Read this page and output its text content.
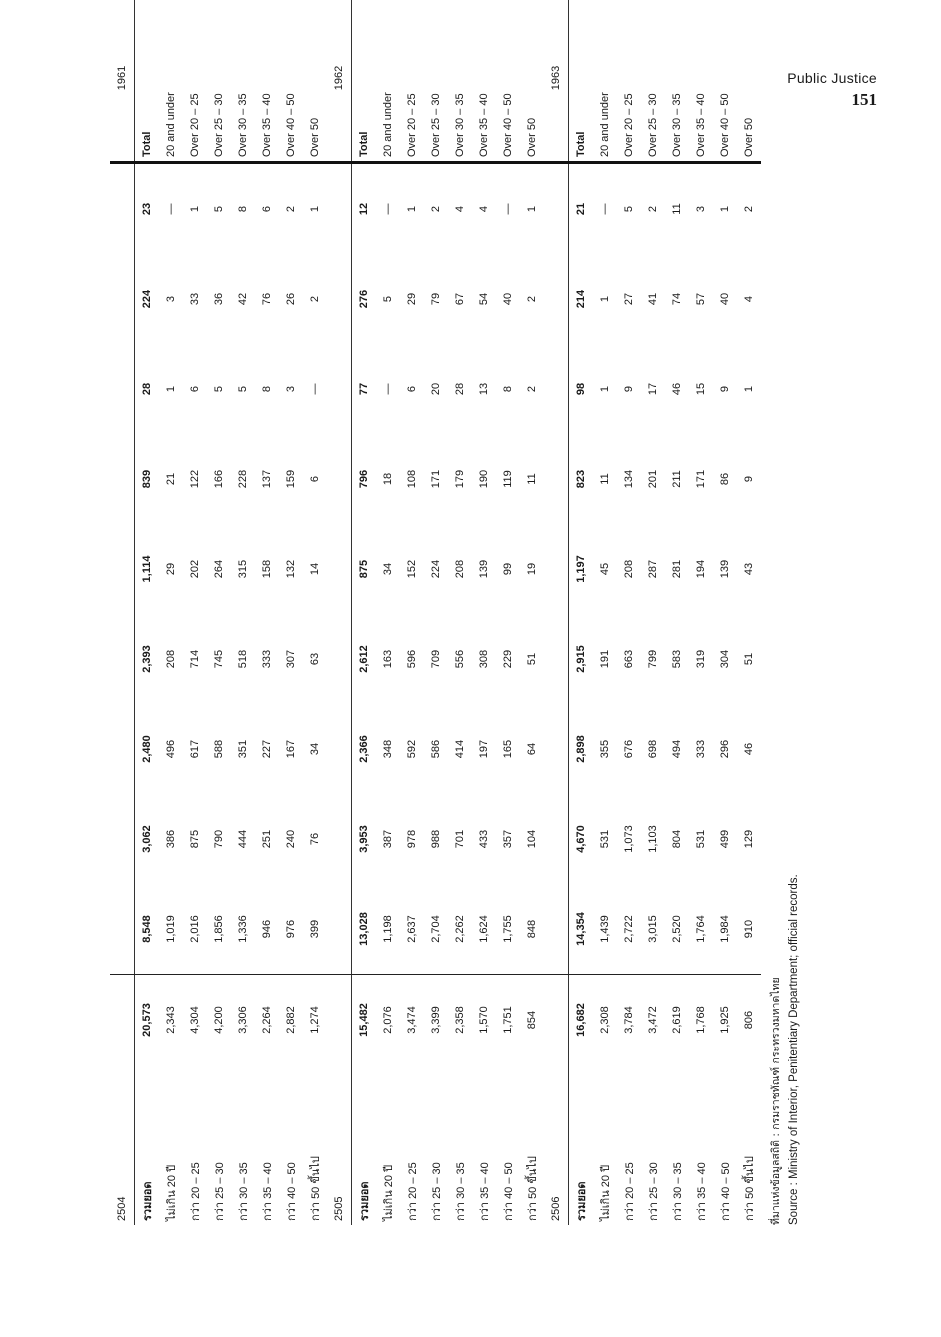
Public Justice
151
2504											1961
รวมยอด	20,573	8,548	3,062	2,480	2,393	1,114	839	28	224	23	Total
ไม่เกิน 20 ปี	2,343	1,019	386	496	208	29	21	1	3	—	20 and under
กว่า 20 – 25	4,304	2,016	875	617	714	202	122	6	33	1	Over 20 – 25
กว่า 25 – 30	4,200	1,856	790	588	745	264	166	5	36	5	Over 25 – 30
กว่า 30 – 35	3,306	1,336	444	351	518	315	228	5	42	8	Over 30 – 35
กว่า 35 – 40	2,264	946	251	227	333	158	137	8	76	6	Over 35 – 40
กว่า 40 – 50	2,882	976	240	167	307	132	159	3	26	2	Over 40 – 50
กว่า 50 ขึ้นไป	1,274	399	76	34	63	14	6	—	2	1	Over 50
2505											1962
รวมยอด	15,482	13,028	3,953	2,366	2,612	875	796	77	276	12	Total
ไม่เกิน 20 ปี	2,076	1,198	387	348	163	34	18	—	5	—	20 and under
กว่า 20 – 25	3,474	2,637	978	592	596	152	108	6	29	1	Over 20 – 25
กว่า 25 – 30	3,399	2,704	988	586	709	224	171	20	79	2	Over 25 – 30
กว่า 30 – 35	2,358	2,262	701	414	556	208	179	28	67	4	Over 30 – 35
กว่า 35 – 40	1,570	1,624	433	197	308	139	190	13	54	4	Over 35 – 40
กว่า 40 – 50	1,751	1,755	357	165	229	99	119	8	40	—	Over 40 – 50
กว่า 50 ขึ้นไป	854	848	104	64	51	19	11	2	2	1	Over 50
2506											1963
รวมยอด	16,682	14,354	4,670	2,898	2,915	1,197	823	98	214	21	Total
ไม่เกิน 20 ปี	2,308	1,439	531	355	191	45	11	1	1	—	20 and under
กว่า 20 – 25	3,784	2,722	1,073	676	663	208	134	9	27	5	Over 20 – 25
กว่า 25 – 30	3,472	3,015	1,103	698	799	287	201	17	41	2	Over 25 – 30
กว่า 30 – 35	2,619	2,520	804	494	583	281	211	46	74	11	Over 30 – 35
กว่า 35 – 40	1,768	1,764	531	333	319	194	171	15	57	3	Over 35 – 40
กว่า 40 – 50	1,925	1,984	499	296	304	139	86	9	40	1	Over 40 – 50
กว่า 50 ขึ้นไป	806	910	129	46	51	43	9	1	4	2	Over 50
ที่มาแห่งข้อมูลสถิติ : กรมราชทัณฑ์ กระทรวงมหาดไทย Source : Ministry of Interior, Penitentiary Department; official records.
